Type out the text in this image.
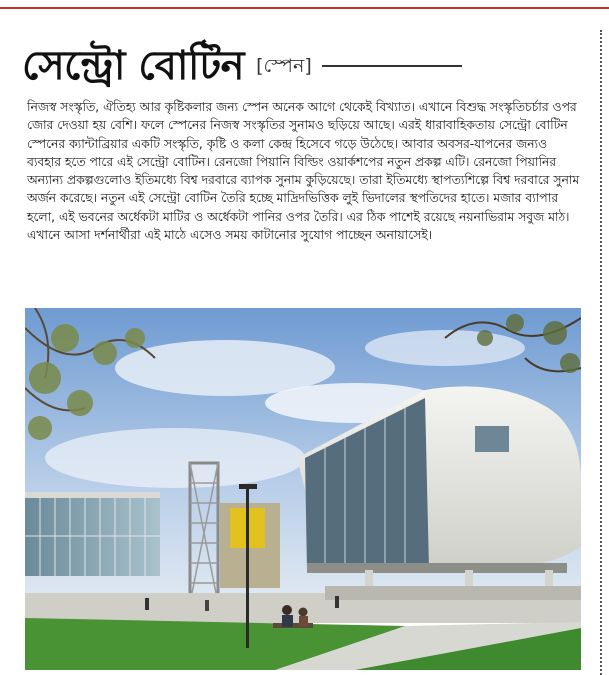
সেন্ট্রো বোটিন [স্পেন]

নিজস্ব সংস্কৃতি, ঐতিহ্য আর কৃষ্টিকলার জন্য স্পেন অনেক আগে থেকেই বিখ্যাত। এখানে বিশুদ্ধ সংস্কৃতিচর্চার ওপর জোর দেওয়া হয় বেশি। ফলে স্পেনের নিজস্ব সংস্কৃতির সুনামও ছড়িয়ে আছে। এরই ধারাবাহিকতায় সেন্ট্রো বোটিন স্পেনের ক্যান্টাব্রিয়ার একটি সংস্কৃতি, কৃষ্টি ও কলা কেন্দ্র হিসেবে গড়ে উঠেছে। আবার অবসর-যাপনের জন্যও ব্যবহার হতে পারে এই সেন্ট্রো বোটিন। রেনজো পিয়ানি বিল্ডিং ওয়ার্কশপের নতুন প্রকল্প এটি। রেনজো পিয়ানির অন্যান্য প্রকল্পগুলোও ইতিমধ্যে বিশ্ব দরবারে ব্যাপক সুনাম কুড়িয়েছে। তারা ইতিমধ্যে স্থাপত্যশিল্পে বিশ্ব দরবারে সুনাম অর্জন করেছে। নতুন এই সেন্ট্রো বোটিন তৈরি হচ্ছে মাদ্রিদভিত্তিক লুই ভিদালের স্থপতিদের হাতে। মজার ব্যাপার হলো, এই ভবনের অর্ধেকটা মাটির ও অর্ধেকটা পানির ওপর তৈরি। এর ঠিক পাশেই রয়েছে নয়নাভিরাম সবুজ মাঠ। এখানে আসা দর্শনার্থীরা এই মাঠে এসেও সময় কাটানোর সুযোগ পাচ্ছেন অনায়াসেই।
